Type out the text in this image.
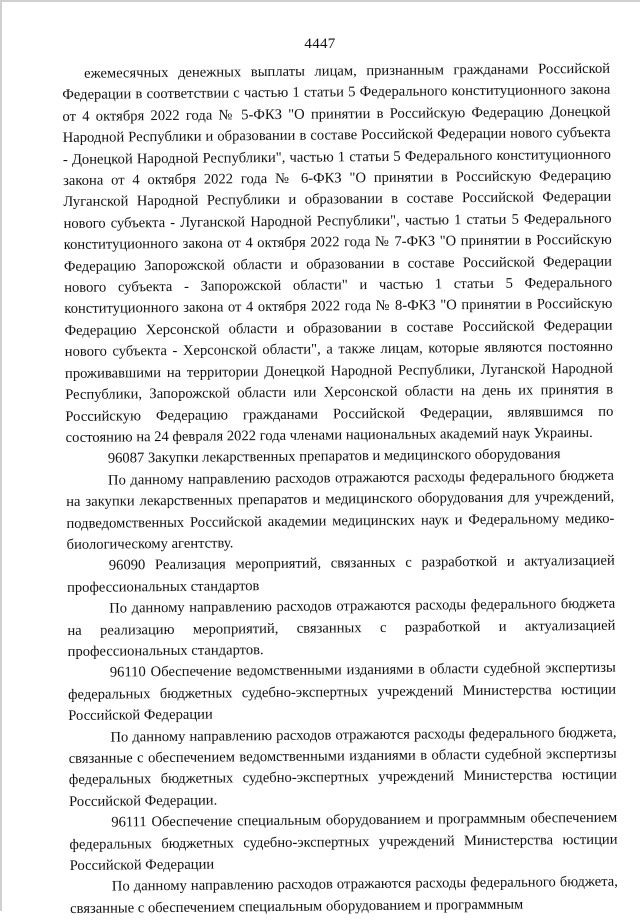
4447

ежемесячных денежных выплаты лицам, признанным гражданами Российской Федерации в соответствии с частью 1 статьи 5 Федерального конституционного закона от 4 октября 2022 года № 5-ФКЗ "О принятии в Российскую Федерацию Донецкой Народной Республики и образовании в составе Российской Федерации нового субъекта - Донецкой Народной Республики", частью 1 статьи 5 Федерального конституционного закона от 4 октября 2022 года № 6-ФКЗ "О принятии в Российскую Федерацию Луганской Народной Республики и образовании в составе Российской Федерации нового субъекта - Луганской Народной Республики", частью 1 статьи 5 Федерального конституционного закона от 4 октября 2022 года № 7-ФКЗ "О принятии в Российскую Федерацию Запорожской области и образовании в составе Российской Федерации нового субъекта - Запорожской области" и частью 1 статьи 5 Федерального конституционного закона от 4 октября 2022 года № 8-ФКЗ "О принятии в Российскую Федерацию Херсонской области и образовании в составе Российской Федерации нового субъекта - Херсонской области", а также лицам, которые являются постоянно проживавшими на территории Донецкой Народной Республики, Луганской Народной Республики, Запорожской области или Херсонской области на день их принятия в Российскую Федерацию гражданами Российской Федерации, являвшимся по состоянию на 24 февраля 2022 года членами национальных академий наук Украины.

96087 Закупки лекарственных препаратов и медицинского оборудования

По данному направлению расходов отражаются расходы федерального бюджета на закупки лекарственных препаратов и медицинского оборудования для учреждений, подведомственных Российской академии медицинских наук и Федеральному медико-биологическому агентству.

96090 Реализация мероприятий, связанных с разработкой и актуализацией профессиональных стандартов

По данному направлению расходов отражаются расходы федерального бюджета на реализацию мероприятий, связанных с разработкой и актуализацией профессиональных стандартов.

96110 Обеспечение ведомственными изданиями в области судебной экспертизы федеральных бюджетных судебно-экспертных учреждений Министерства юстиции Российской Федерации

По данному направлению расходов отражаются расходы федерального бюджета, связанные с обеспечением ведомственными изданиями в области судебной экспертизы федеральных бюджетных судебно-экспертных учреждений Министерства юстиции Российской Федерации.

96111 Обеспечение специальным оборудованием и программным обеспечением федеральных бюджетных судебно-экспертных учреждений Министерства юстиции Российской Федерации

По данному направлению расходов отражаются расходы федерального бюджета, связанные с обеспечением специальным оборудованием и программным
